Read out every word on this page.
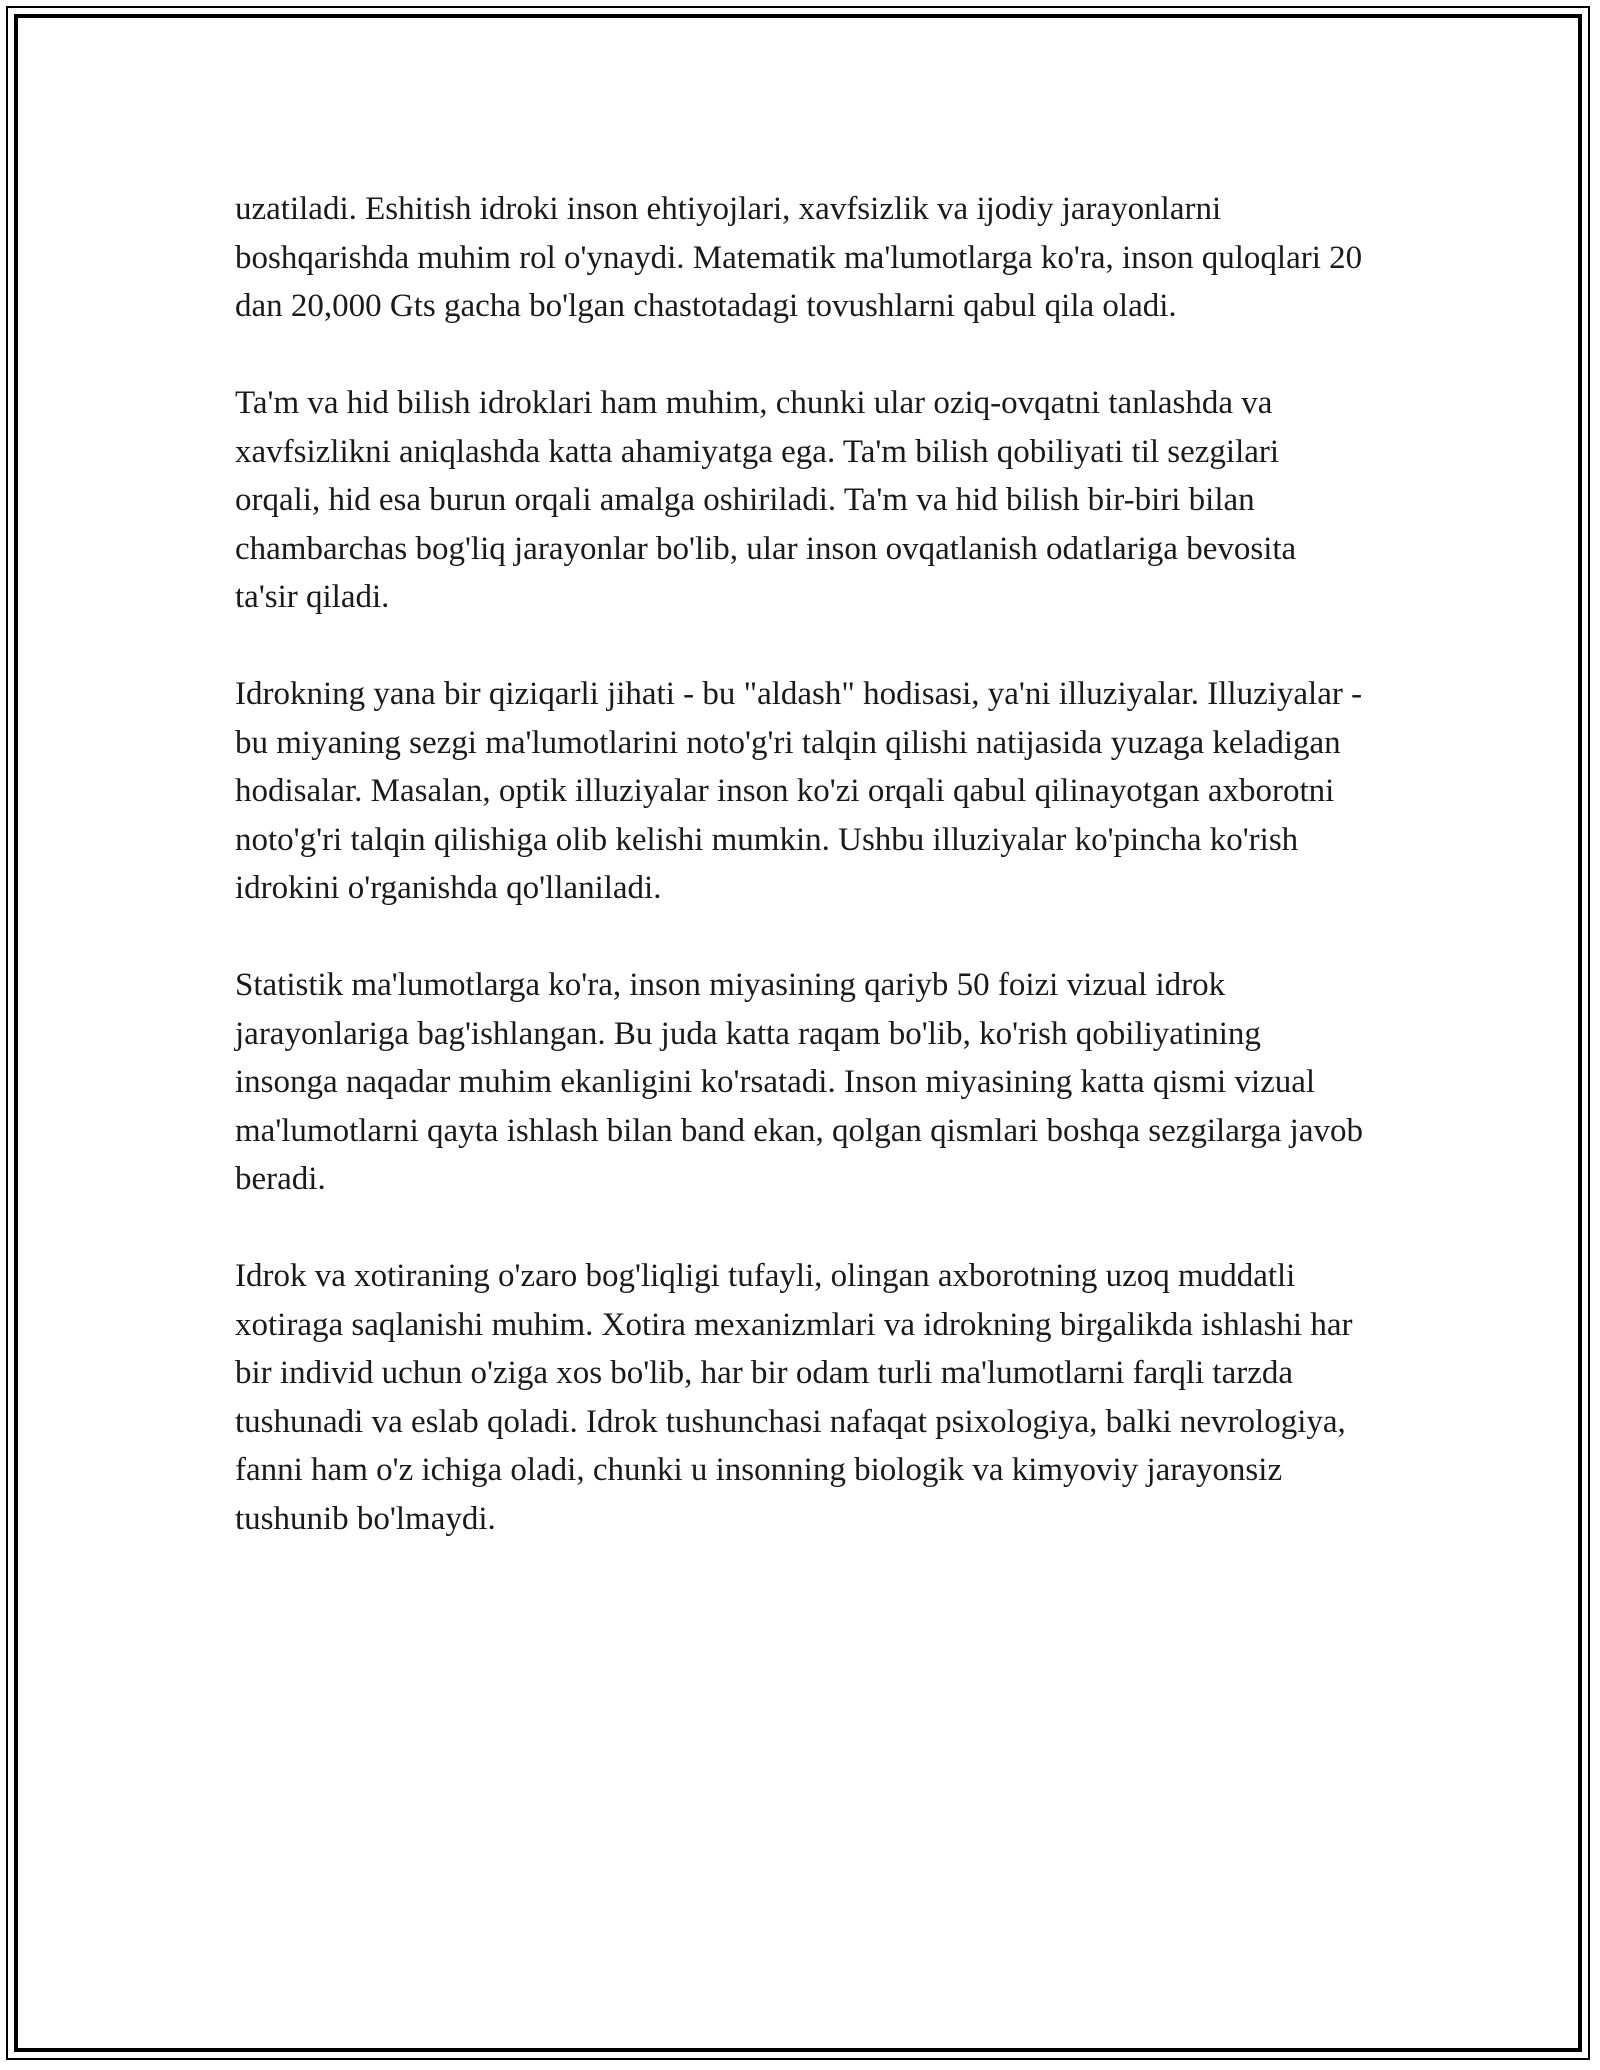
uzatiladi. Eshitish idroki inson ehtiyojlari, xavfsizlik va ijodiy jarayonlarni boshqarishda muhim rol o'ynaydi. Matematik ma'lumotlarga ko'ra, inson quloqlari 20 dan 20,000 Gts gacha bo'lgan chastotadagi tovushlarni qabul qila oladi.

Ta'm va hid bilish idroklari ham muhim, chunki ular oziq-ovqatni tanlashda va xavfsizlikni aniqlashda katta ahamiyatga ega. Ta'm bilish qobiliyati til sezgilari orqali, hid esa burun orqali amalga oshiriladi. Ta'm va hid bilish bir-biri bilan chambarchas bog'liq jarayonlar bo'lib, ular inson ovqatlanish odatlariga bevosita ta'sir qiladi.

Idrokning yana bir qiziqarli jihati - bu "aldash" hodisasi, ya'ni illuziyalar. Illuziyalar - bu miyaning sezgi ma'lumotlarini noto'g'ri talqin qilishi natijasida yuzaga keladigan hodisalar. Masalan, optik illuziyalar inson ko'zi orqali qabul qilinayotgan axborotni noto'g'ri talqin qilishiga olib kelishi mumkin. Ushbu illuziyalar ko'pincha ko'rish idrokini o'rganishda qo'llaniladi.

Statistik ma'lumotlarga ko'ra, inson miyasining qariyb 50 foizi vizual idrok jarayonlariga bag'ishlangan. Bu juda katta raqam bo'lib, ko'rish qobiliyatining insonga naqadar muhim ekanligini ko'rsatadi. Inson miyasining katta qismi vizual ma'lumotlarni qayta ishlash bilan band ekan, qolgan qismlari boshqa sezgilarga javob beradi.

Idrok va xotiraning o'zaro bog'liqligi tufayli, olingan axborotning uzoq muddatli xotiraga saqlanishi muhim. Xotira mexanizmlari va idrokning birgalikda ishlashi har bir individ uchun o'ziga xos bo'lib, har bir odam turli ma'lumotlarni farqli tarzda tushunadi va eslab qoladi. Idrok tushunchasi nafaqat psixologiya, balki nevrologiya, fanni ham o'z ichiga oladi, chunki u insonning biologik va kimyoviy jarayonsiz tushunib bo'lmaydi.
